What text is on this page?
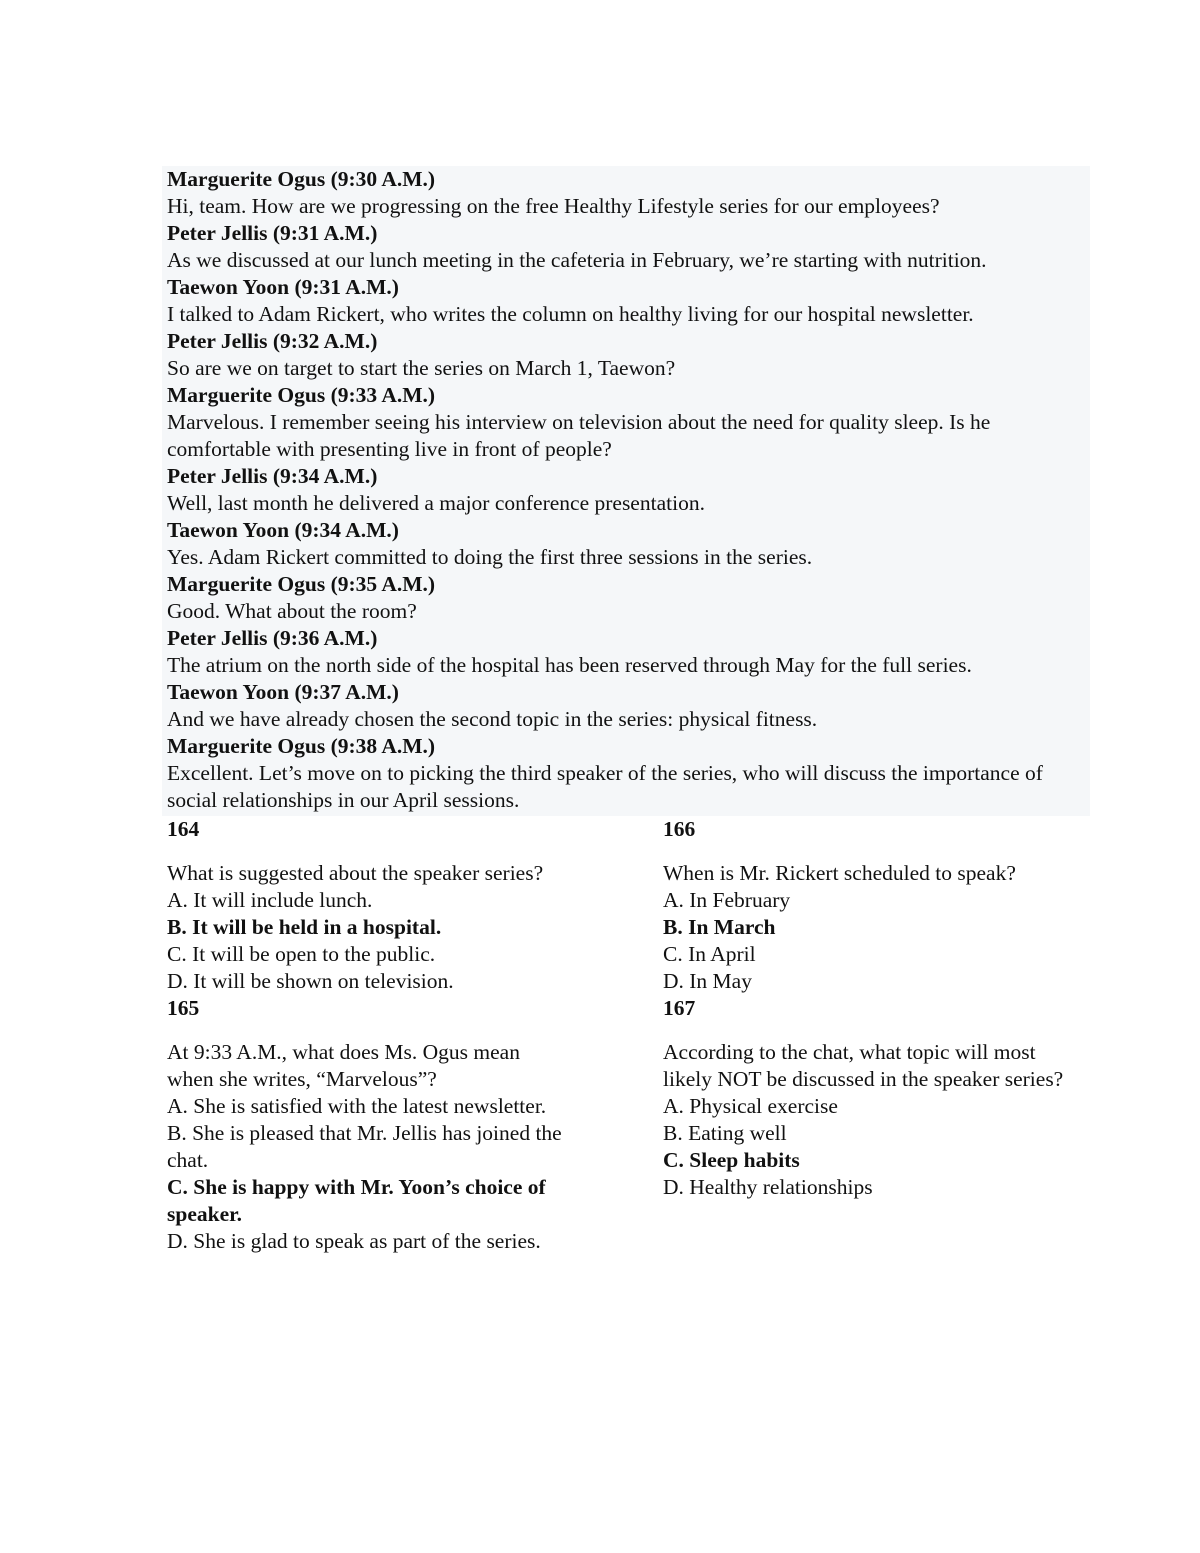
Marguerite Ogus (9:30 A.M.)
Hi, team. How are we progressing on the free Healthy Lifestyle series for our employees?
Peter Jellis (9:31 A.M.)
As we discussed at our lunch meeting in the cafeteria in February, we’re starting with nutrition.
Taewon Yoon (9:31 A.M.)
I talked to Adam Rickert, who writes the column on healthy living for our hospital newsletter.
Peter Jellis (9:32 A.M.)
So are we on target to start the series on March 1, Taewon?
Marguerite Ogus (9:33 A.M.)
Marvelous. I remember seeing his interview on television about the need for quality sleep. Is he comfortable with presenting live in front of people?
Peter Jellis (9:34 A.M.)
Well, last month he delivered a major conference presentation.
Taewon Yoon (9:34 A.M.)
Yes. Adam Rickert committed to doing the first three sessions in the series.
Marguerite Ogus (9:35 A.M.)
Good. What about the room?
Peter Jellis (9:36 A.M.)
The atrium on the north side of the hospital has been reserved through May for the full series.
Taewon Yoon (9:37 A.M.)
And we have already chosen the second topic in the series: physical fitness.
Marguerite Ogus (9:38 A.M.)
Excellent. Let’s move on to picking the third speaker of the series, who will discuss the importance of social relationships in our April sessions.
164
What is suggested about the speaker series?
A. It will include lunch.
B. It will be held in a hospital.
C. It will be open to the public.
D. It will be shown on television.
165
At 9:33 A.M., what does Ms. Ogus mean when she writes, “Marvelous”?
A. She is satisfied with the latest newsletter.
B. She is pleased that Mr. Jellis has joined the chat.
C. She is happy with Mr. Yoon’s choice of speaker.
D. She is glad to speak as part of the series.
166
When is Mr. Rickert scheduled to speak?
A. In February
B. In March
C. In April
D. In May
167
According to the chat, what topic will most likely NOT be discussed in the speaker series?
A. Physical exercise
B. Eating well
C. Sleep habits
D. Healthy relationships
